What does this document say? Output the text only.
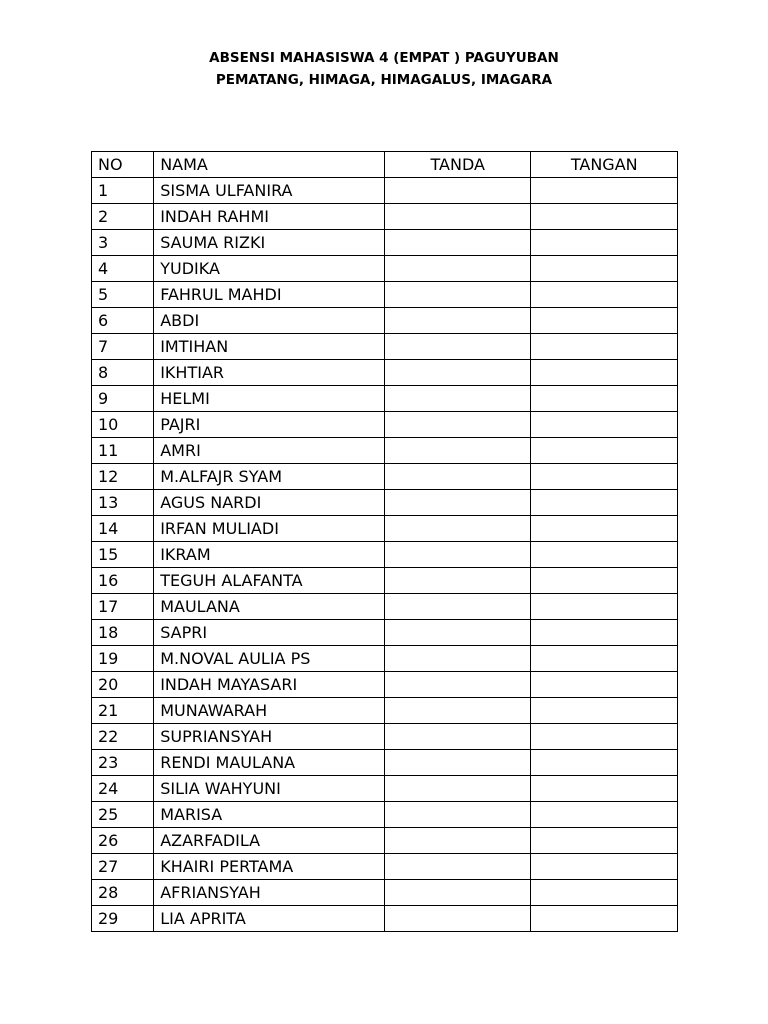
ABSENSI MAHASISWA 4 (EMPAT ) PAGUYUBAN
PEMATANG, HIMAGA, HIMAGALUS, IMAGARA
NO	NAMA	TANDA	TANGAN
1	SISMA ULFANIRA		
2	INDAH RAHMI		
3	SAUMA RIZKI		
4	YUDIKA		
5	FAHRUL MAHDI		
6	ABDI		
7	IMTIHAN		
8	IKHTIAR		
9	HELMI		
10	PAJRI		
11	AMRI		
12	M.ALFAJR SYAM		
13	AGUS NARDI		
14	IRFAN MULIADI		
15	IKRAM		
16	TEGUH ALAFANTA		
17	MAULANA		
18	SAPRI		
19	M.NOVAL AULIA PS		
20	INDAH MAYASARI		
21	MUNAWARAH		
22	SUPRIANSYAH		
23	RENDI MAULANA		
24	SILIA WAHYUNI		
25	MARISA		
26	AZARFADILA		
27	KHAIRI PERTAMA		
28	AFRIANSYAH		
29	LIA APRITA		
